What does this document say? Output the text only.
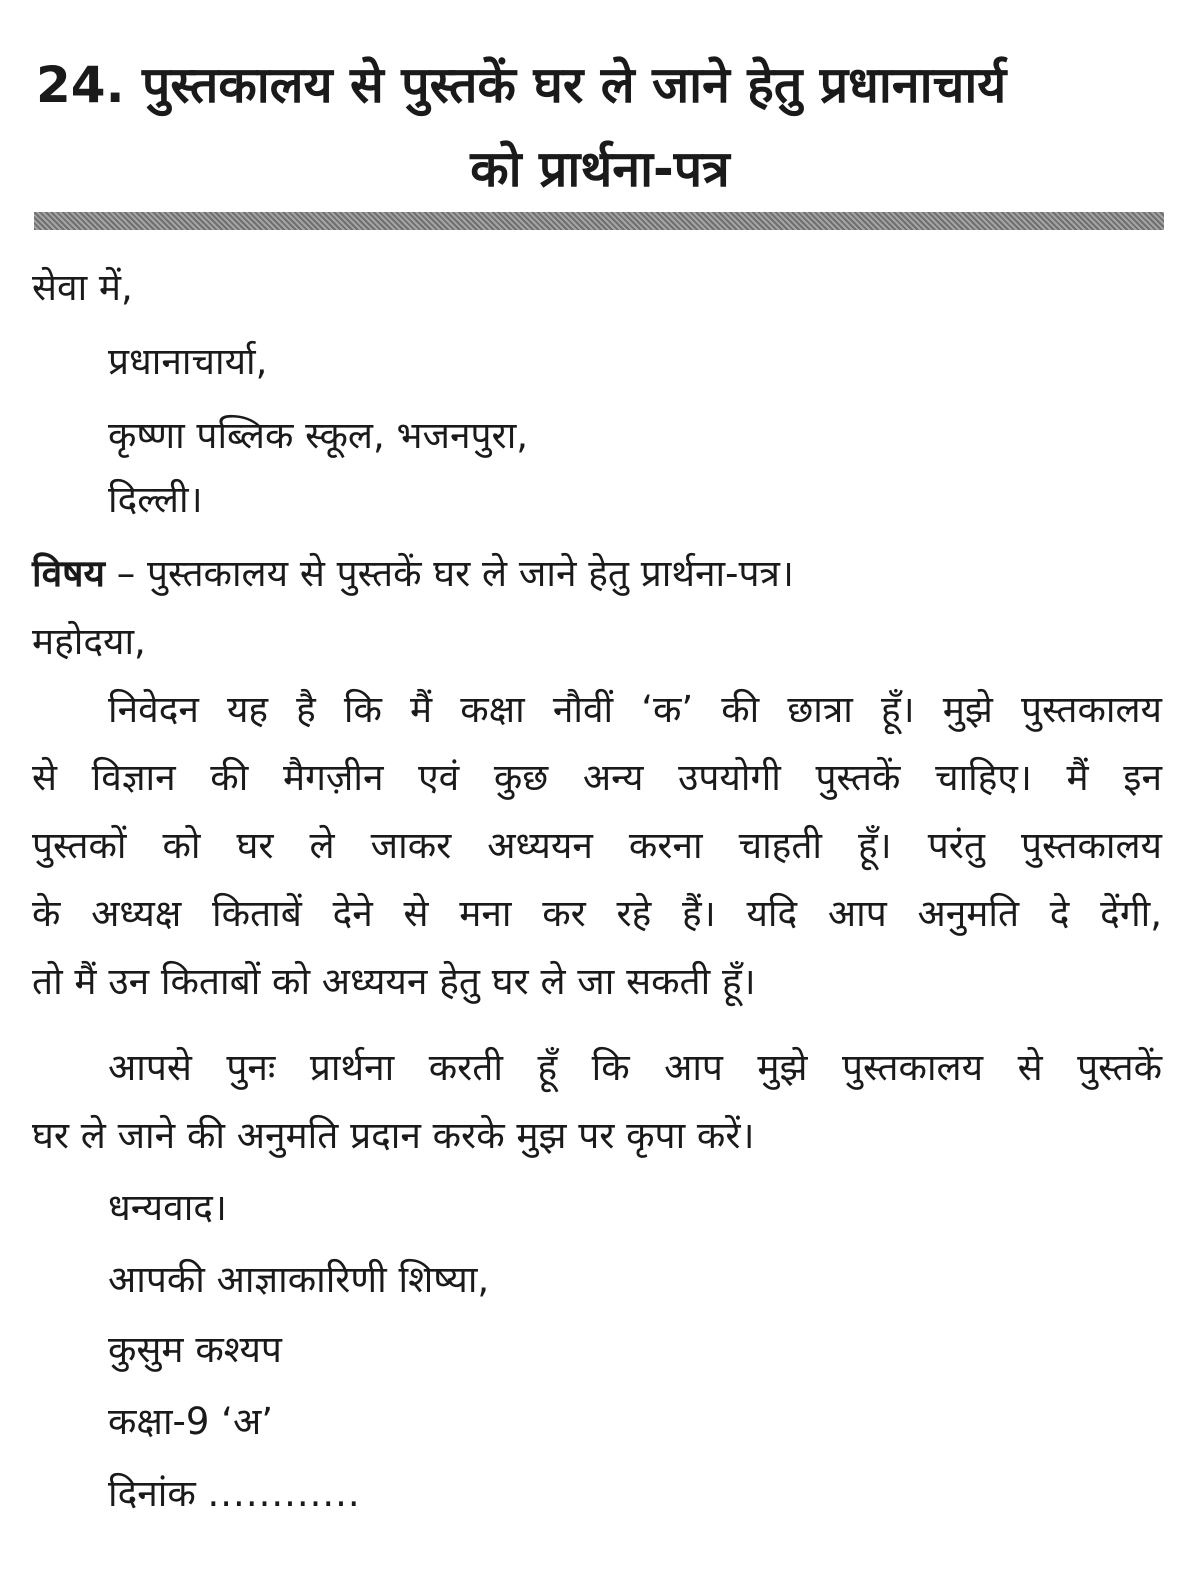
24. पुस्तकालय से पुस्तकें घर ले जाने हेतु प्रधानाचार्य
को प्रार्थना-पत्र

सेवा में,

प्रधानाचार्या,

कृष्णा पब्लिक स्कूल, भजनपुरा,

दिल्ली।

विषय – पुस्तकालय से पुस्तकें घर ले जाने हेतु प्रार्थना-पत्र।

महोदया,

निवेदन यह है कि मैं कक्षा नौवीं ‘क’ की छात्रा हूँ। मुझे पुस्तकालय

से विज्ञान की मैगज़ीन एवं कुछ अन्य उपयोगी पुस्तकें चाहिए। मैं इन

पुस्तकों को घर ले जाकर अध्ययन करना चाहती हूँ। परंतु पुस्तकालय

के अध्यक्ष किताबें देने से मना कर रहे हैं। यदि आप अनुमति दे देंगी,

तो मैं उन किताबों को अध्ययन हेतु घर ले जा सकती हूँ।

आपसे पुनः प्रार्थना करती हूँ कि आप मुझे पुस्तकालय से पुस्तकें

घर ले जाने की अनुमति प्रदान करके मुझ पर कृपा करें।

धन्यवाद।

आपकी आज्ञाकारिणी शिष्या,

कुसुम कश्यप

कक्षा-9 ‘अ’

दिनांक ............
